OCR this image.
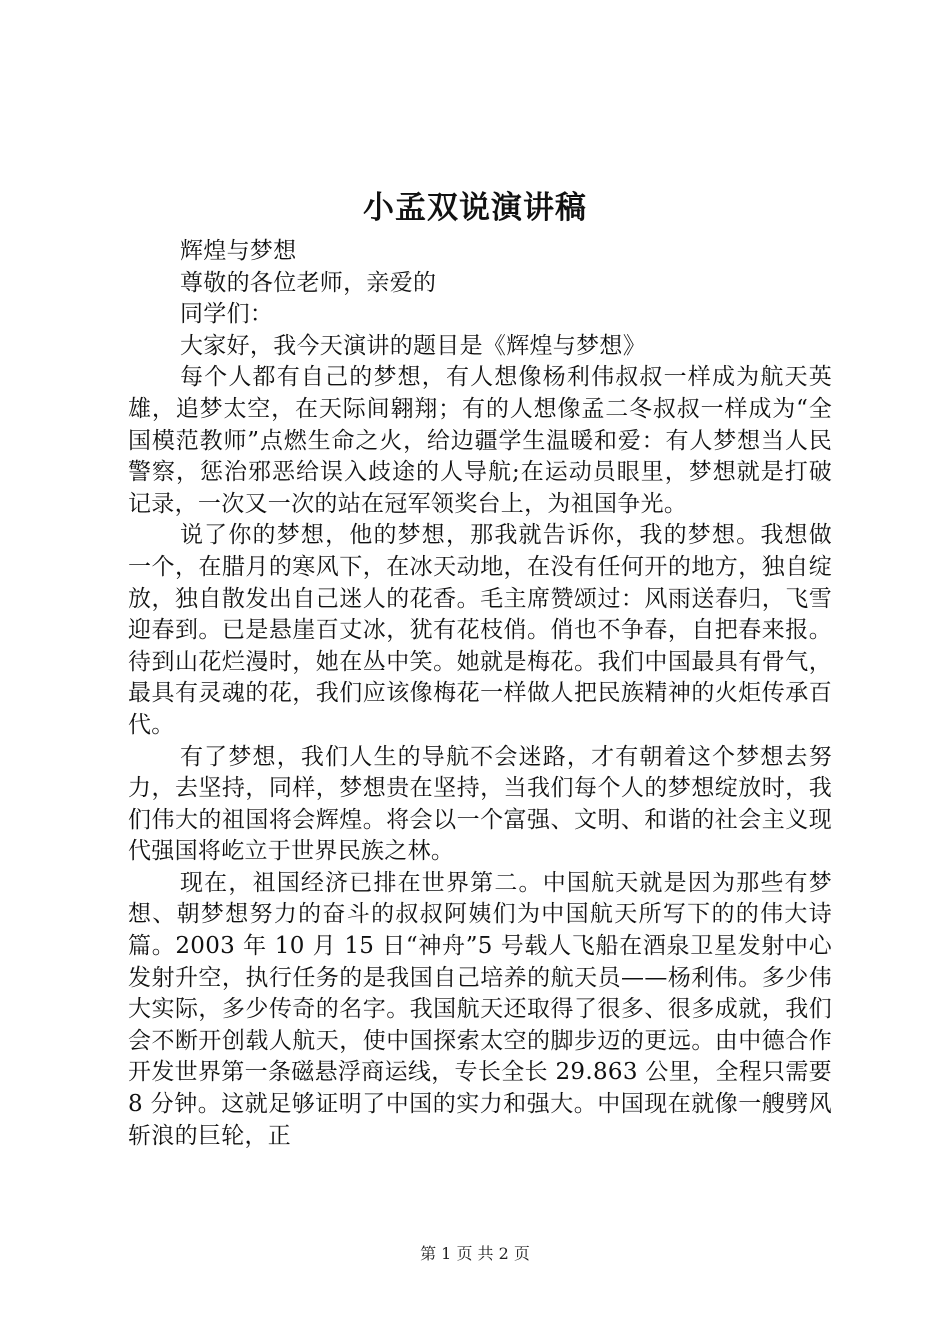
小孟双说演讲稿

辉煌与梦想

尊敬的各位老师，亲爱的

同学们：

大家好，我今天演讲的题目是《辉煌与梦想》

每个人都有自己的梦想，有人想像杨利伟叔叔一样成为航天英雄，追梦太空，在天际间翱翔；有的人想像孟二冬叔叔一样成为“全国模范教师”点燃生命之火，给边疆学生温暖和爱：有人梦想当人民警察，惩治邪恶给误入歧途的人导航;在运动员眼里，梦想就是打破记录，一次又一次的站在冠军领奖台上，为祖国争光。

说了你的梦想，他的梦想，那我就告诉你，我的梦想。我想做一个，在腊月的寒风下，在冰天动地，在没有任何开的地方，独自绽放，独自散发出自己迷人的花香。毛主席赞颂过：风雨送春归，飞雪迎春到。已是悬崖百丈冰，犹有花枝俏。俏也不争春，自把春来报。待到山花烂漫时，她在丛中笑。她就是梅花。我们中国最具有骨气，最具有灵魂的花，我们应该像梅花一样做人把民族精神的火炬传承百代。

有了梦想，我们人生的导航不会迷路，才有朝着这个梦想去努力，去坚持，同样，梦想贵在坚持，当我们每个人的梦想绽放时，我们伟大的祖国将会辉煌。将会以一个富强、文明、和谐的社会主义现代强国将屹立于世界民族之林。

现在，祖国经济已排在世界第二。中国航天就是因为那些有梦想、朝梦想努力的奋斗的叔叔阿姨们为中国航天所写下的的伟大诗篇。2003 年 10 月 15 日“神舟”5 号载人飞船在酒泉卫星发射中心发射升空，执行任务的是我国自己培养的航天员——杨利伟。多少伟大实际，多少传奇的名字。我国航天还取得了很多、很多成就，我们会不断开创载人航天，使中国探索太空的脚步迈的更远。由中德合作开发世界第一条磁悬浮商运线，专长全长 29.863 公里，全程只需要 8 分钟。这就足够证明了中国的实力和强大。中国现在就像一艘劈风斩浪的巨轮，正

第 1 页 共 2 页
